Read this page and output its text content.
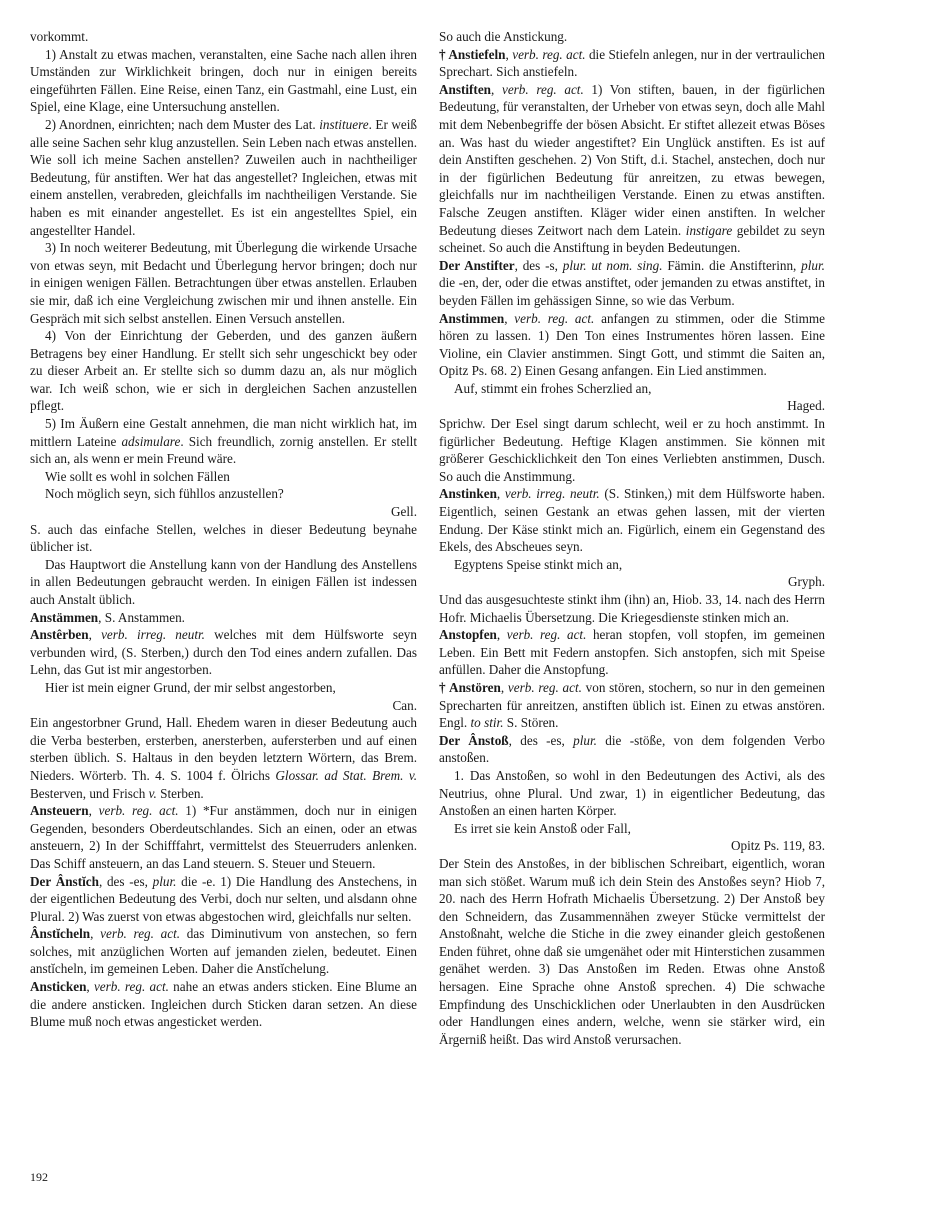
vorkommt.

1) Anstalt zu etwas machen, veranstalten, eine Sache nach allen ihren Umständen zur Wirklichkeit bringen, doch nur in einigen bereits eingeführten Fällen. Eine Reise, einen Tanz, ein Gastmahl, eine Lust, ein Spiel, eine Klage, eine Untersuchung anstellen.

2) Anordnen, einrichten; nach dem Muster des Lat. instituere. Er weiß alle seine Sachen sehr klug anzustellen. Sein Leben nach etwas anstellen. Wie soll ich meine Sachen anstellen? Zuweilen auch in nachtheiliger Bedeutung, für anstiften. Wer hat das angestellet? Ingleichen, etwas mit einem anstellen, verabreden, gleichfalls im nachtheiligen Verstande. Sie haben es mit einander angestellet. Es ist ein angestelltes Spiel, ein angestellter Handel.

3) In noch weiterer Bedeutung, mit Überlegung die wirkende Ursache von etwas seyn, mit Bedacht und Überlegung hervor bringen; doch nur in einigen wenigen Fällen. Betrachtungen über etwas anstellen. Erlauben sie mir, daß ich eine Vergleichung zwischen mir und ihnen anstelle. Ein Gespräch mit sich selbst anstellen. Einen Versuch anstellen.

4) Von der Einrichtung der Geberden, und des ganzen äußern Betragens bey einer Handlung. Er stellt sich sehr ungeschickt bey oder zu dieser Arbeit an. Er stellte sich so dumm dazu an, als nur möglich war. Ich weiß schon, wie er sich in dergleichen Sachen anzustellen pflegt.

5) Im Äußern eine Gestalt annehmen, die man nicht wirklich hat, im mittlern Lateine adsimulare. Sich freundlich, zornig anstellen. Er stellt sich an, als wenn er mein Freund wäre.

Wie sollt es wohl in solchen Fällen

Noch möglich seyn, sich fühllos anzustellen?

Gell.

S. auch das einfache Stellen, welches in dieser Bedeutung beynahe üblicher ist.

Das Hauptwort die Anstellung kann von der Handlung des Anstellens in allen Bedeutungen gebraucht werden. In einigen Fällen ist indessen auch Anstalt üblich.

Anstämmen, S. Anstammen.

Anstêrben, verb. irreg. neutr. welches mit dem Hülfsworte seyn verbunden wird, (S. Sterben,) durch den Tod eines andern zufallen. Das Lehn, das Gut ist mir angestorben.

Hier ist mein eigner Grund, der mir selbst angestorben,

Can.

Ein angestorbner Grund, Hall. Ehedem waren in dieser Bedeutung auch die Verba besterben, ersterben, anersterben, aufersterben und auf einen sterben üblich. S. Haltaus in den beyden letztern Wörtern, das Brem. Nieders. Wörterb. Th. 4. S. 1004 f. Ölrichs Glossar. ad Stat. Brem. v. Besterven, und Frisch v. Sterben.

Ansteuern, verb. reg. act. 1) *Fur anstämmen, doch nur in einigen Gegenden, besonders Oberdeutschlandes. Sich an einen, oder an etwas ansteuern, 2) In der Schifffahrt, vermittelst des Steuerruders anlenken. Das Schiff ansteuern, an das Land steuern. S. Steuer und Steuern.

Der Ânstĭch, des -es, plur. die -e. 1) Die Handlung des Anstechens, in der eigentlichen Bedeutung des Verbi, doch nur selten, und alsdann ohne Plural. 2) Was zuerst von etwas abgestochen wird, gleichfalls nur selten.

Ânstĭcheln, verb. reg. act. das Diminutivum von anstechen, so fern solches, mit anzüglichen Worten auf jemanden zielen, bedeutet. Einen anstĭcheln, im gemeinen Leben. Daher die Anstĭchelung.

Ansticken, verb. reg. act. nahe an etwas anders sticken. Eine Blume an die andere ansticken. Ingleichen durch Sticken daran setzen. An diese Blume muß noch etwas angesticket werden.

So auch die Anstickung.

† Anstiefeln, verb. reg. act. die Stiefeln anlegen, nur in der vertraulichen Sprechart. Sich anstiefeln.

Anstiften, verb. reg. act. 1) Von stiften, bauen, in der figürlichen Bedeutung, für veranstalten, der Urheber von etwas seyn, doch alle Mahl mit dem Nebenbegriffe der bösen Absicht. Er stiftet allezeit etwas Böses an. Was hast du wieder angestiftet? Ein Unglück anstiften. Es ist auf dein Anstiften geschehen. 2) Von Stift, d.i. Stachel, anstechen, doch nur in der figürlichen Bedeutung für anreitzen, zu etwas bewegen, gleichfalls nur im nachtheiligen Verstande. Einen zu etwas anstiften. Falsche Zeugen anstiften. Kläger wider einen anstiften. In welcher Bedeutung dieses Zeitwort nach dem Latein. instigare gebildet zu seyn scheinet. So auch die Anstiftung in beyden Bedeutungen.

Der Anstifter, des -s, plur. ut nom. sing. Fämin. die Anstifterinn, plur. die -en, der, oder die etwas anstiftet, oder jemanden zu etwas anstiftet, in beyden Fällen im gehässigen Sinne, so wie das Verbum.

Anstimmen, verb. reg. act. anfangen zu stimmen, oder die Stimme hören zu lassen. 1) Den Ton eines Instrumentes hören lassen. Eine Violine, ein Clavier anstimmen. Singt Gott, und stimmt die Saiten an, Opitz Ps. 68. 2) Einen Gesang anfangen. Ein Lied anstimmen.

Auf, stimmt ein frohes Scherzlied an,

Haged.

Sprichw. Der Esel singt darum schlecht, weil er zu hoch anstimmt. In figürlicher Bedeutung. Heftige Klagen anstimmen. Sie können mit größerer Geschicklichkeit den Ton eines Verliebten anstimmen, Dusch. So auch die Anstimmung.

Anstinken, verb. irreg. neutr. (S. Stinken,) mit dem Hülfsworte haben. Eigentlich, seinen Gestank an etwas gehen lassen, mit der vierten Endung. Der Käse stinkt mich an. Figürlich, einem ein Gegenstand des Ekels, des Abscheues seyn.

Egyptens Speise stinkt mich an,

Gryph.

Und das ausgesuchteste stinkt ihm (ihn) an, Hiob. 33, 14. nach des Herrn Hofr. Michaelis Übersetzung. Die Kriegesdienste stinken mich an.

Anstopfen, verb. reg. act. heran stopfen, voll stopfen, im gemeinen Leben. Ein Bett mit Federn anstopfen. Sich anstopfen, sich mit Speise anfüllen. Daher die Anstopfung.

† Anstören, verb. reg. act. von stören, stochern, so nur in den gemeinen Sprecharten für anreitzen, anstiften üblich ist. Einen zu etwas anstören. Engl. to stir. S. Stören.

Der Ânstoß, des -es, plur. die -stöße, von dem folgenden Verbo anstoßen.

1. Das Anstoßen, so wohl in den Bedeutungen des Activi, als des Neutrius, ohne Plural. Und zwar, 1) in eigentlicher Bedeutung, das Anstoßen an einen harten Körper.

Es irret sie kein Anstoß oder Fall,

Opitz Ps. 119, 83.

Der Stein des Anstoßes, in der biblischen Schreibart, eigentlich, woran man sich stößet. Warum muß ich dein Stein des Anstoßes seyn? Hiob 7, 20. nach des Herrn Hofrath Michaelis Übersetzung. 2) Der Anstoß bey den Schneidern, das Zusammennähen zweyer Stücke vermittelst der Anstoßnaht, welche die Stiche in die zwey einander gleich gestoßenen Enden führet, ohne daß sie umgenähet oder mit Hinterstichen zusammen genähet werden. 3) Das Anstoßen im Reden. Etwas ohne Anstoß hersagen. Eine Sprache ohne Anstoß sprechen. 4) Die schwache Empfindung des Unschicklichen oder Unerlaubten in den Ausdrücken oder Handlungen eines andern, welche, wenn sie stärker wird, ein Ärgerniß heißt. Das wird Anstoß verursachen.

192
